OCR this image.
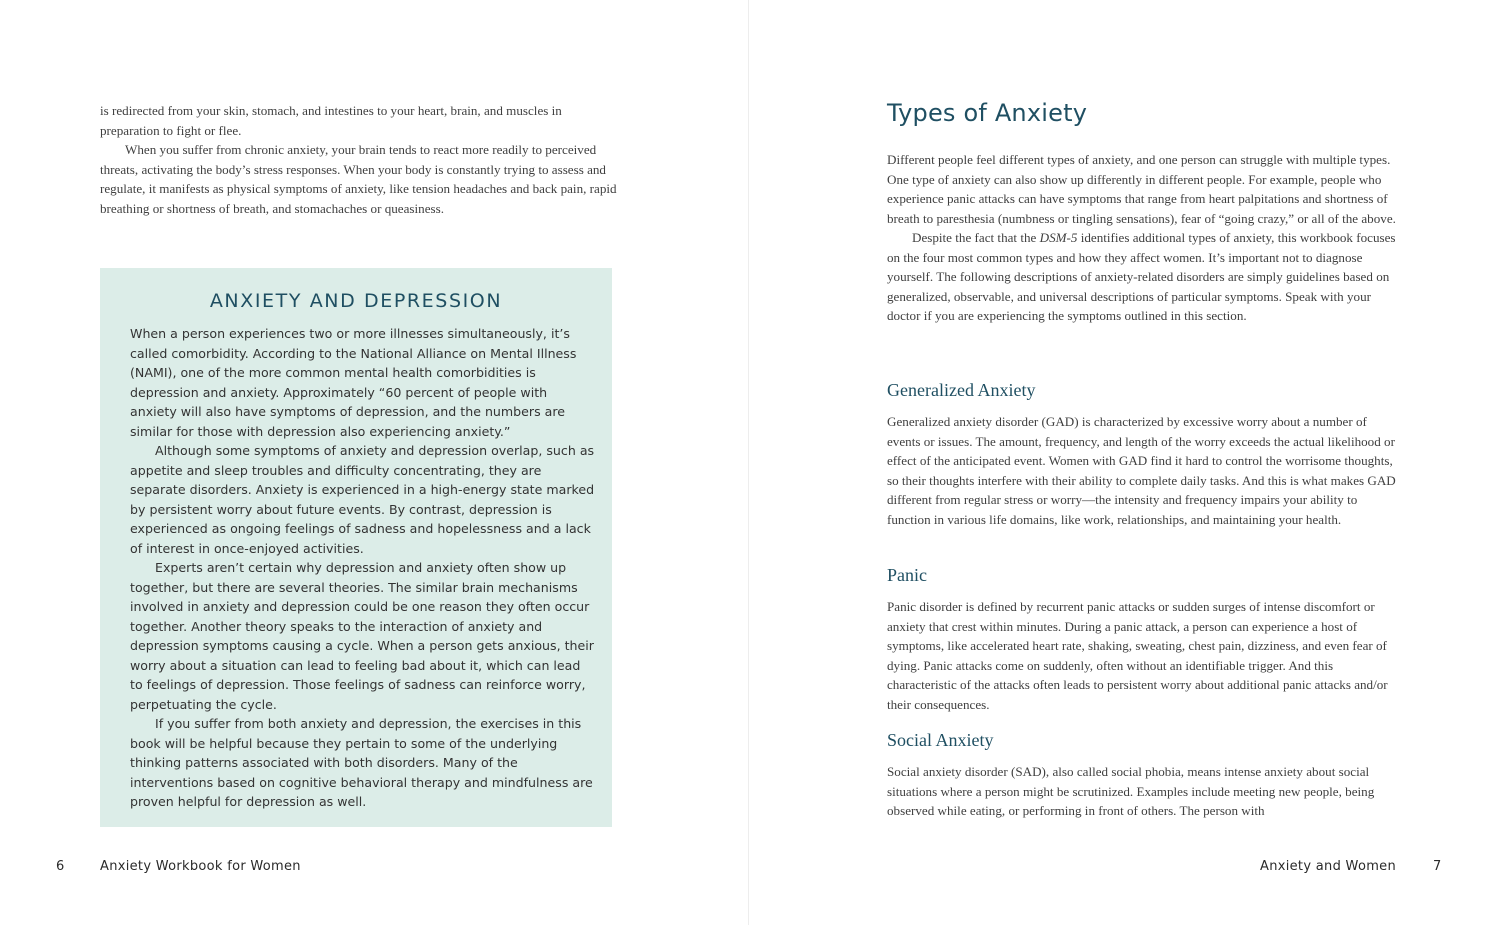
is redirected from your skin, stomach, and intestines to your heart, brain, and muscles in preparation to fight or flee.

When you suffer from chronic anxiety, your brain tends to react more readily to perceived threats, activating the body’s stress responses. When your body is constantly trying to assess and regulate, it manifests as physical symptoms of anxiety, like tension headaches and back pain, rapid breathing or shortness of breath, and stomachaches or queasiness.

ANXIETY AND DEPRESSION

When a person experiences two or more illnesses simultaneously, it’s called comorbidity. According to the National Alliance on Mental Illness (NAMI), one of the more common mental health comorbidities is depression and anxiety. Approximately “60 percent of people with anxiety will also have symptoms of depression, and the numbers are similar for those with depression also experiencing anxiety.”

Although some symptoms of anxiety and depression overlap, such as appetite and sleep troubles and difficulty concentrating, they are separate disorders. Anxiety is experienced in a high-energy state marked by persistent worry about future events. By contrast, depression is experienced as ongoing feelings of sadness and hopelessness and a lack of interest in once-enjoyed activities.

Experts aren’t certain why depression and anxiety often show up together, but there are several theories. The similar brain mechanisms involved in anxiety and depression could be one reason they often occur together. Another theory speaks to the interaction of anxiety and depression symptoms causing a cycle. When a person gets anxious, their worry about a situation can lead to feeling bad about it, which can lead to feelings of depression. Those feelings of sadness can reinforce worry, perpetuating the cycle.

If you suffer from both anxiety and depression, the exercises in this book will be helpful because they pertain to some of the underlying thinking patterns associated with both disorders. Many of the interventions based on cognitive behavioral therapy and mindfulness are proven helpful for depression as well.

6	Anxiety Workbook for Women
Types of Anxiety

Different people feel different types of anxiety, and one person can struggle with multiple types. One type of anxiety can also show up differently in different people. For example, people who experience panic attacks can have symptoms that range from heart palpitations and shortness of breath to paresthesia (numbness or tingling sensations), fear of “going crazy,” or all of the above.

Despite the fact that the DSM-5 identifies additional types of anxiety, this workbook focuses on the four most common types and how they affect women. It’s important not to diagnose yourself. The following descriptions of anxiety-related disorders are simply guidelines based on generalized, observable, and universal descriptions of particular symptoms. Speak with your doctor if you are experiencing the symptoms outlined in this section.

Generalized Anxiety
Generalized anxiety disorder (GAD) is characterized by excessive worry about a number of events or issues. The amount, frequency, and length of the worry exceeds the actual likelihood or effect of the anticipated event. Women with GAD find it hard to control the worrisome thoughts, so their thoughts interfere with their ability to complete daily tasks. And this is what makes GAD different from regular stress or worry—the intensity and frequency impairs your ability to function in various life domains, like work, relationships, and maintaining your health.
Panic
Panic disorder is defined by recurrent panic attacks or sudden surges of intense discomfort or anxiety that crest within minutes. During a panic attack, a person can experience a host of symptoms, like accelerated heart rate, shaking, sweating, chest pain, dizziness, and even fear of dying. Panic attacks come on suddenly, often without an identifiable trigger. And this characteristic of the attacks often leads to persistent worry about additional panic attacks and/or their consequences.
Social Anxiety
Social anxiety disorder (SAD), also called social phobia, means intense anxiety about social situations where a person might be scrutinized. Examples include meeting new people, being observed while eating, or performing in front of others. The person with
Anxiety and Women	7
